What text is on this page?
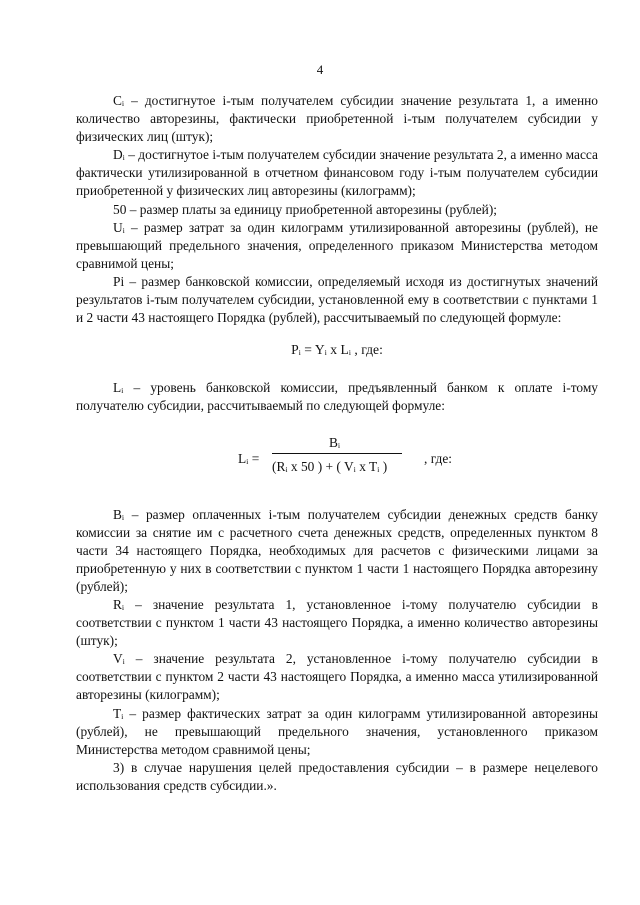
4

Cᵢ – достигнутое i-тым получателем субсидии значение результата 1, а именно количество авторезины, фактически приобретенной i-тым получателем субсидии у физических лиц (штук);

Dᵢ – достигнутое i-тым получателем субсидии значение результата 2, а именно масса фактически утилизированной в отчетном финансовом году i-тым получателем субсидии приобретенной у физических лиц авторезины (килограмм);

50 – размер платы за единицу приобретенной авторезины (рублей);

Uᵢ – размер затрат за один килограмм утилизированной авторезины (рублей), не превышающий предельного значения, определенного приказом Министерства методом сравнимой цены;

Pi – размер банковской комиссии, определяемый исходя из достигнутых значений результатов i-тым получателем субсидии, установленной ему в соответствии с пунктами 1 и 2 части 43 настоящего Порядка (рублей), рассчитываемый по следующей формуле:

Pᵢ = Yᵢ x Lᵢ , где:

Lᵢ – уровень банковской комиссии, предъявленный банком к оплате i-тому получателю субсидии, рассчитываемый по следующей формуле:

Lᵢ =
Bᵢ
(Rᵢ x 50 ) + ( Vᵢ x Tᵢ )
, где:

Bᵢ – размер оплаченных i-тым получателем субсидии денежных средств банку комиссии за снятие им с расчетного счета денежных средств, определенных пунктом 8 части 34 настоящего Порядка, необходимых для расчетов с физическими лицами за приобретенную у них в соответствии с пунктом 1 части 1 настоящего Порядка авторезину (рублей);

Rᵢ – значение результата 1, установленное i-тому получателю субсидии в соответствии с пунктом 1 части 43 настоящего Порядка, а именно количество авторезины (штук);

Vᵢ – значение результата 2, установленное i-тому получателю субсидии в соответствии с пунктом 2 части 43 настоящего Порядка, а именно масса утилизированной авторезины (килограмм);

Tᵢ – размер фактических затрат за один килограмм утилизированной авторезины (рублей), не превышающий предельного значения, установленного приказом Министерства методом сравнимой цены;

3) в случае нарушения целей предоставления субсидии – в размере нецелевого использования средств субсидии.».
